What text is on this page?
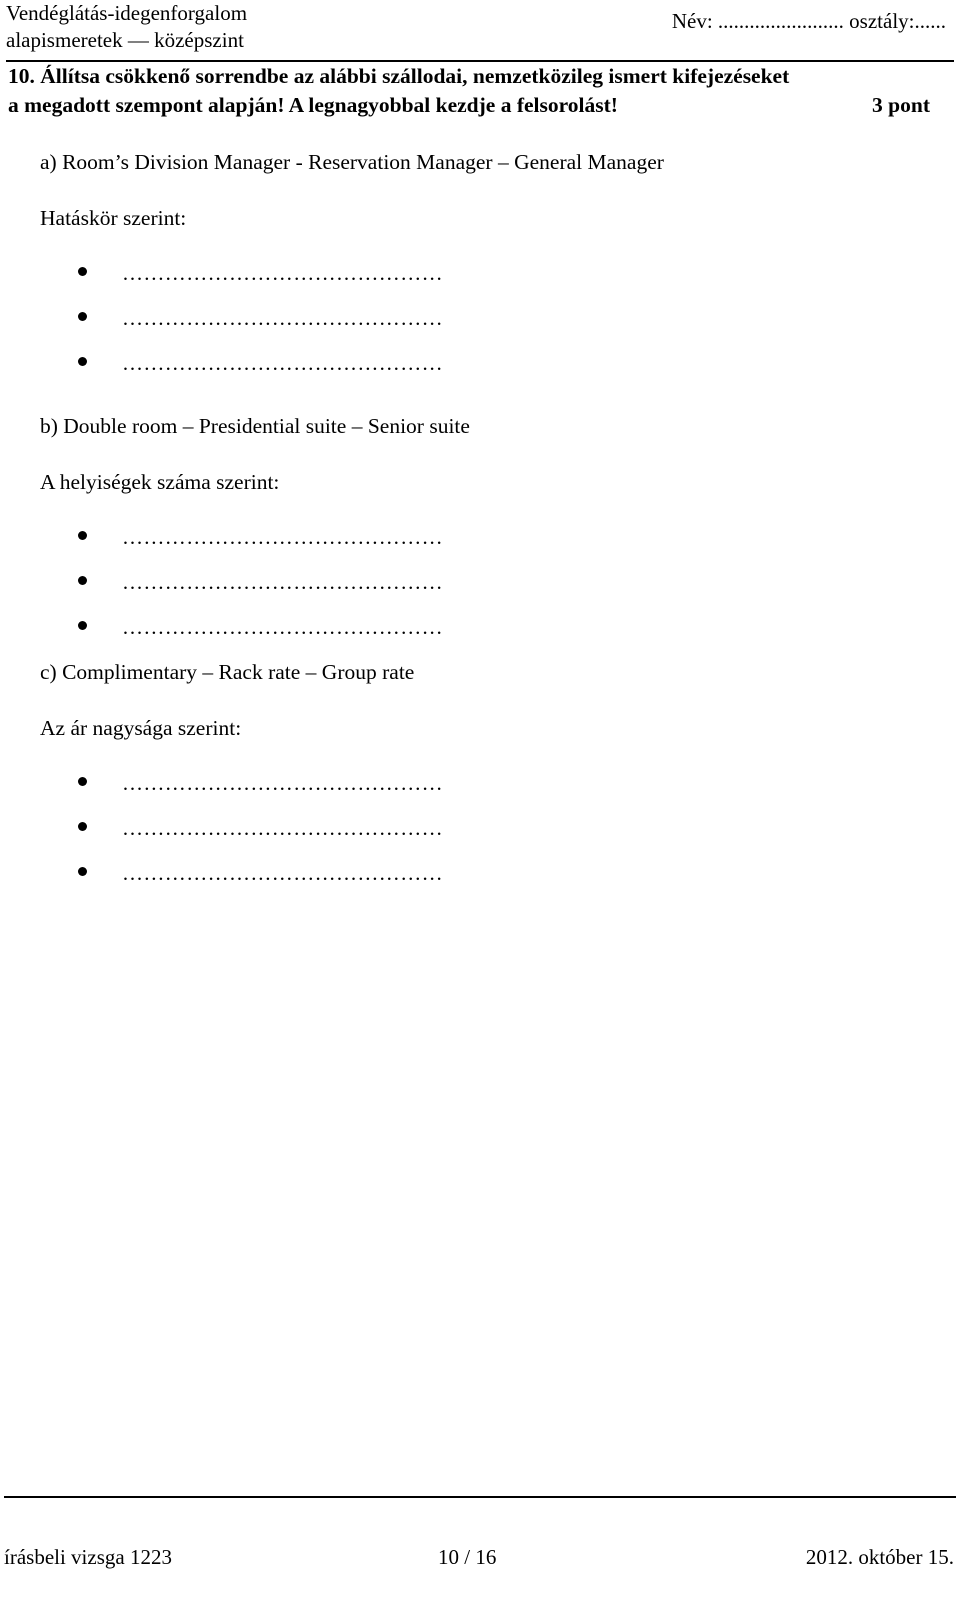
Vendéglátás-idegenforgalom
alapismeretek — középszint
Név: ........................ osztály:......
10. Állítsa csökkenő sorrendbe az alábbi szállodai, nemzetközileg ismert kifejezéseket
a megadott szempont alapján! A legnagyobbal kezdje a felsorolást!	3 pont
a) Room’s Division Manager - Reservation Manager – General Manager
Hatáskör szerint:
………………………………………
………………………………………
………………………………………
b) Double room – Presidential suite – Senior suite
A helyiségek száma szerint:
………………………………………
………………………………………
………………………………………
c) Complimentary – Rack rate – Group rate
Az ár nagysága szerint:
………………………………………
………………………………………
………………………………………
írásbeli vizsga 1223	10 / 16	2012. október 15.
